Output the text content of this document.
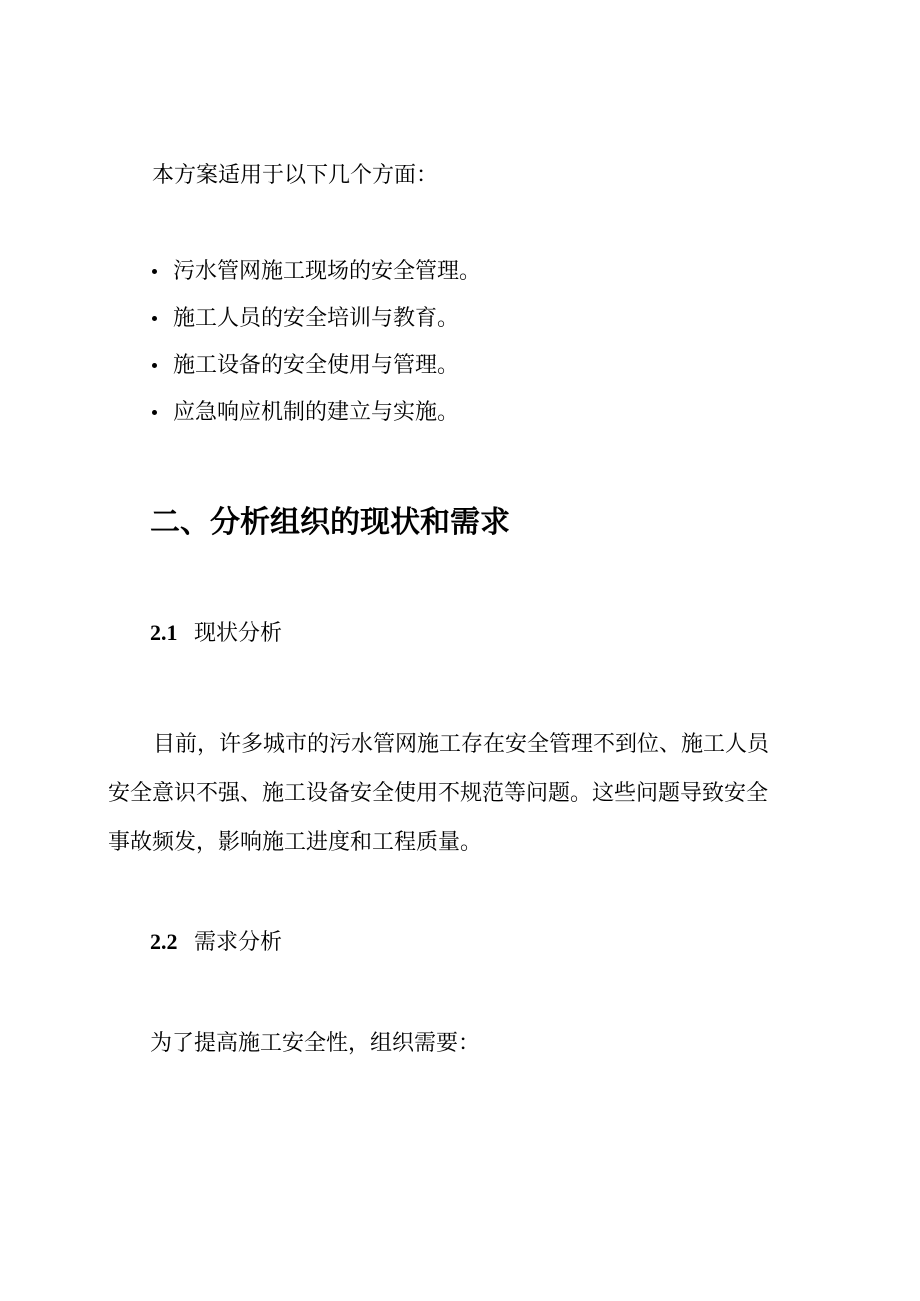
本方案适用于以下几个方面：
污水管网施工现场的安全管理。
施工人员的安全培训与教育。
施工设备的安全使用与管理。
应急响应机制的建立与实施。
二、分析组织的现状和需求
2.1 现状分析

目前，许多城市的污水管网施工存在安全管理不到位、施工人员
安全意识不强、施工设备安全使用不规范等问题。这些问题导致安全
事故频发，影响施工进度和工程质量。

2.2 需求分析
为了提高施工安全性，组织需要：
